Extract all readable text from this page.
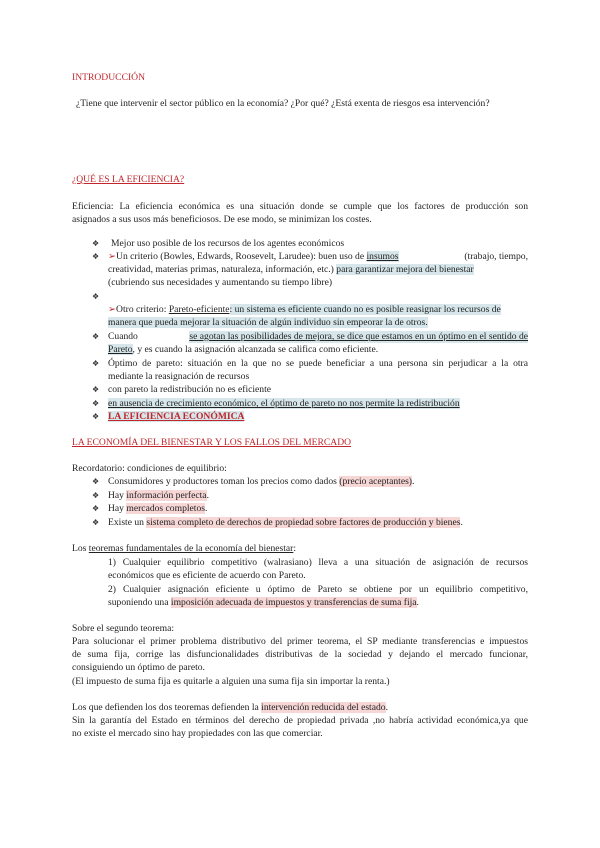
INTRODUCCIÓN
¿Tiene que intervenir el sector público en la economía? ¿Por qué? ¿Está exenta de riesgos esa intervención?
¿QUÉ ES LA EFICIENCIA?
Eficiencia: La eficiencia económica es una situación donde se cumple que los factores de producción son
asignados a sus usos más beneficiosos. De ese modo, se minimizan los costes.
❖ Mejor uso posible de los recursos de los agentes económicos
❖ ➢Un criterio (Bowles, Edwards, Roosevelt, Larudee): buen uso de insumos	(trabajo, tiempo,
creatividad, materias primas, naturaleza, información, etc.) para garantizar mejora del bienestar
(cubriendo sus necesidades y aumentando su tiempo libre)
❖
➢Otro criterio: Pareto-eficiente: un sistema es eficiente cuando no es posible reasignar los recursos de
manera que pueda mejorar la situación de algún individuo sin empeorar la de otros.
❖ Cuando	se agotan las posibilidades de mejora, se dice que estamos en un óptimo en el sentido de
Pareto, y es cuando la asignación alcanzada se califica como eficiente.
❖ Óptimo de pareto: situación en la que no se puede beneficiar a una persona sin perjudicar a la otra
mediante la reasignación de recursos
❖ con pareto la redistribución no es eficiente
❖ en ausencia de crecimiento económico, el óptimo de pareto no nos permite la redistribución
❖ LA EFICIENCIA ECONÓMICA
LA ECONOMÍA DEL BIENESTAR Y LOS FALLOS DEL MERCADO
Recordatorio: condiciones de equilibrio:
❖ Consumidores y productores toman los precios como dados (precio aceptantes).
❖ Hay información perfecta.
❖ Hay mercados completos.
❖ Existe un sistema completo de derechos de propiedad sobre factores de producción y bienes.
Los teoremas fundamentales de la economía del bienestar:
1) Cualquier equilibrio competitivo (walrasiano) lleva a una situación de asignación de recursos
económicos que es eficiente de acuerdo con Pareto.
2) Cualquier asignación eficiente u óptimo de Pareto se obtiene por un equilibrio competitivo,
suponiendo una imposición adecuada de impuestos y transferencias de suma fija.
Sobre el segundo teorema:
Para solucionar el primer problema distributivo del primer teorema, el SP mediante transferencias e impuestos
de suma fija, corrige las disfuncionalidades distributivas de la sociedad y dejando el mercado funcionar,
consiguiendo un óptimo de pareto.
(El impuesto de suma fija es quitarle a alguien una suma fija sin importar la renta.)
Los que defienden los dos teoremas defienden la intervención reducida del estado.
Sin la garantía del Estado en términos del derecho de propiedad privada ,no habría actividad económica,ya que
no existe el mercado sino hay propiedades con las que comerciar.
